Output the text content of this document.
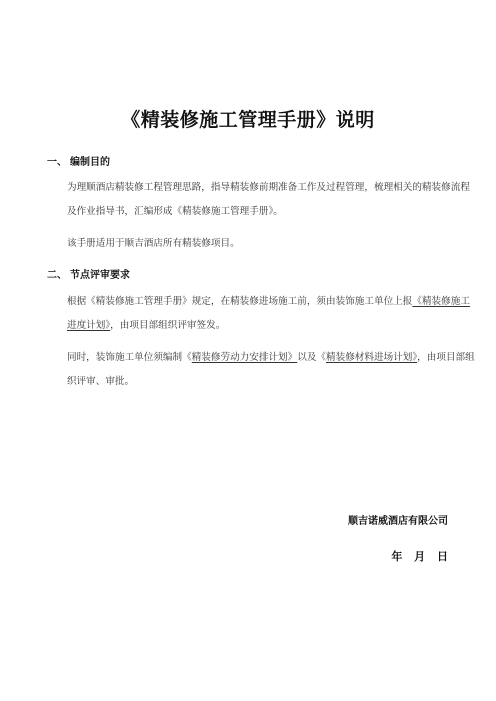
《精装修施工管理手册》说明
一、 编制目的
为理顺酒店精装修工程管理思路，指导精装修前期准备工作及过程管理，梳理相关的精装修流程及作业指导书，汇编形成《精装修施工管理手册》。
该手册适用于顺吉酒店所有精装修项目。
二、 节点评审要求
根据《精装修施工管理手册》规定，在精装修进场施工前，须由装饰施工单位上报《精装修施工进度计划》，由项目部组织评审签发。
同时，装饰施工单位须编制《精装修劳动力安排计划》以及《精装修材料进场计划》，由项目部组织评审、审批。
顺吉诺威酒店有限公司
年 月 日
